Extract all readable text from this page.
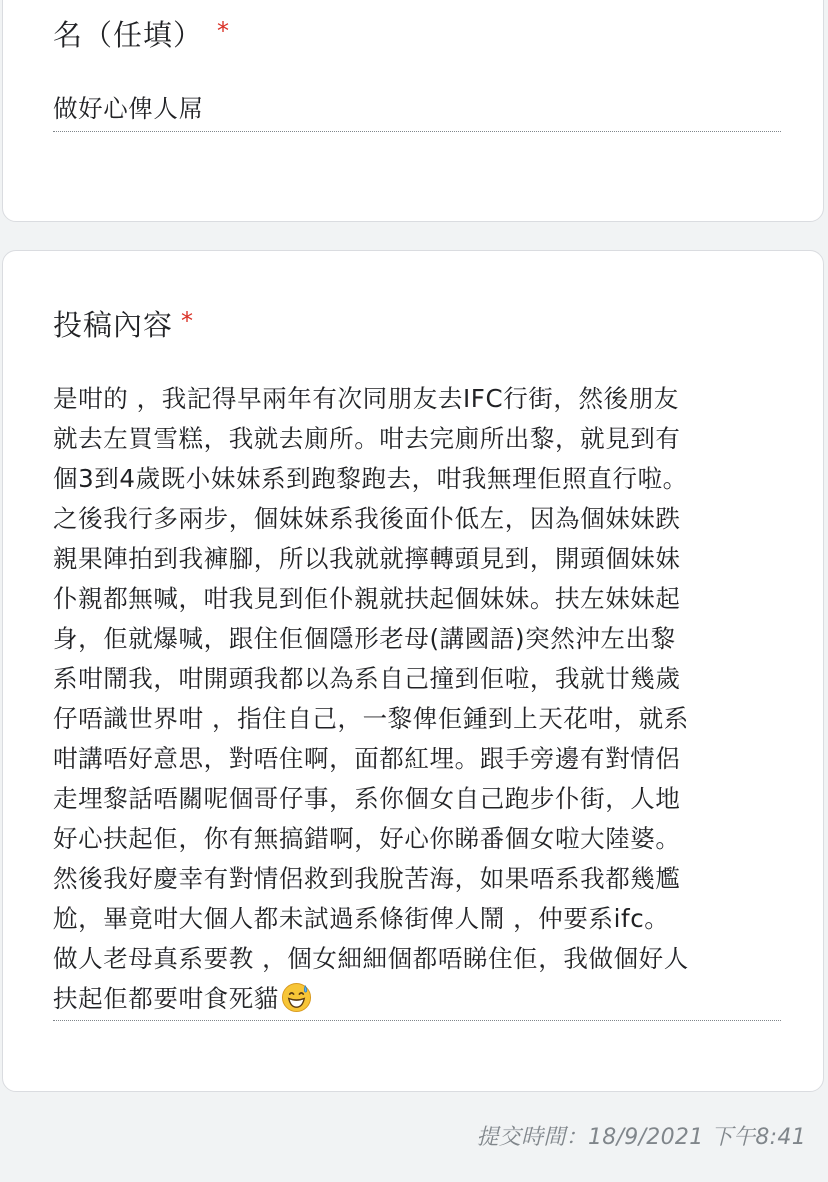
名（任填） *
做好心俾人屌
投稿內容 *
是咁的 ，我記得早兩年有次同朋友去IFC行街，然後朋友
就去左買雪糕，我就去廁所。咁去完廁所出黎，就見到有
個3到4歲既小妹妹系到跑黎跑去，咁我無理佢照直行啦。
之後我行多兩步，個妹妹系我後面仆低左，因為個妹妹跌
親果陣拍到我褲腳，所以我就就擰轉頭見到，開頭個妹妹
仆親都無喊，咁我見到佢仆親就扶起個妹妹。扶左妹妹起
身，佢就爆喊，跟住佢個隱形老母(講國語)突然沖左出黎
系咁鬧我，咁開頭我都以為系自己撞到佢啦，我就廿幾歲
仔唔識世界咁 ，指住自己，一黎俾佢鍾到上天花咁，就系
咁講唔好意思，對唔住啊，面都紅埋。跟手旁邊有對情侶
走埋黎話唔關呢個哥仔事，系你個女自己跑步仆街，人地
好心扶起佢，你有無搞錯啊，好心你睇番個女啦大陸婆。
然後我好慶幸有對情侶救到我脫苦海，如果唔系我都幾尷
尬，畢竟咁大個人都未試過系條街俾人鬧 ，仲要系ifc。
做人老母真系要教 ，個女細細個都唔睇住佢，我做個好人
扶起佢都要咁食死貓
提交時間：18/9/2021 下午8:41
